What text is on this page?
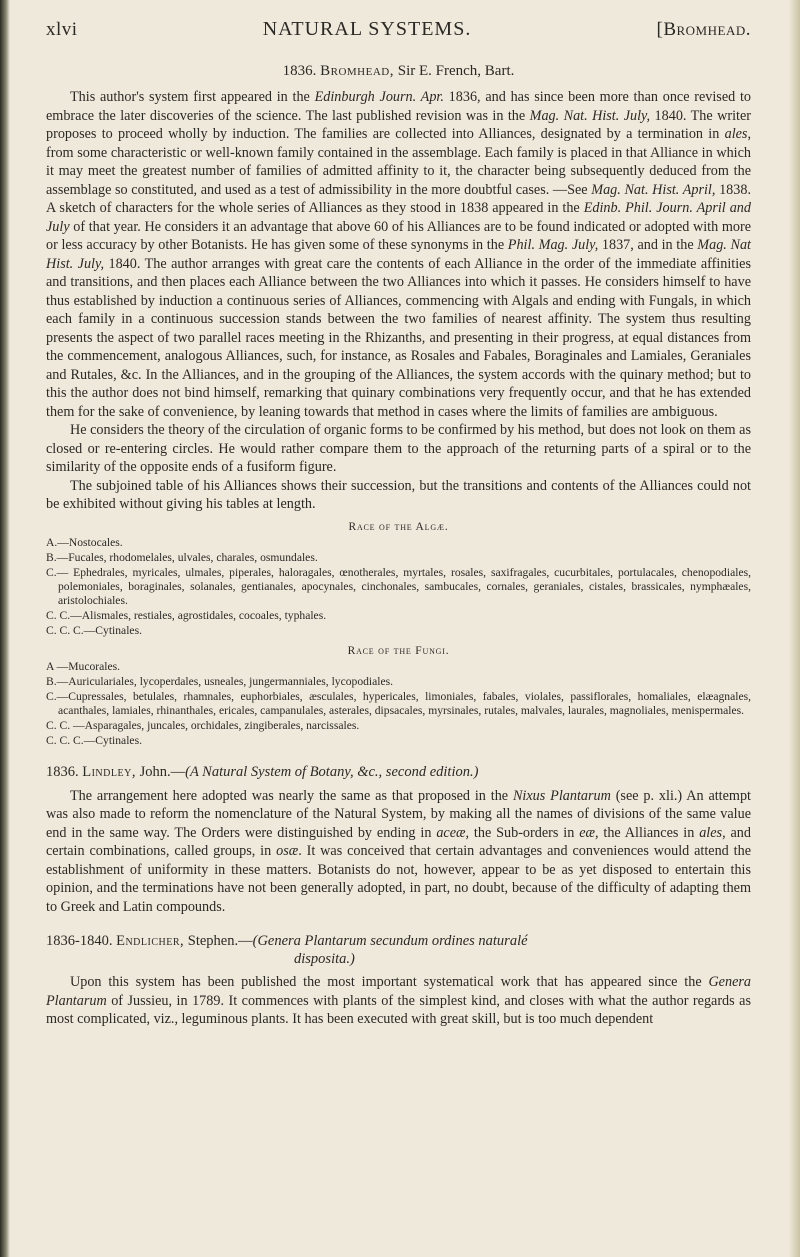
xlvi	NATURAL SYSTEMS.	[Bromhead.
1836. Bromhead, Sir E. French, Bart.

This author's system first appeared in the Edinburgh Journ. Apr. 1836, and has since been more than once revised to embrace the later discoveries of the science. The last published revision was in the Mag. Nat. Hist. July, 1840. The writer proposes to proceed wholly by induction. The families are collected into Alliances, designated by a termination in ales, from some characteristic or well-known family contained in the assemblage. Each family is placed in that Alliance in which it may meet the greatest number of families of admitted affinity to it, the character being subsequently deduced from the assemblage so constituted, and used as a test of admissibility in the more doubtful cases. —See Mag. Nat. Hist. April, 1838. A sketch of characters for the whole series of Alliances as they stood in 1838 appeared in the Edinb. Phil. Journ. April and July of that year. He considers it an advantage that above 60 of his Alliances are to be found indicated or adopted with more or less accuracy by other Botanists. He has given some of these synonyms in the Phil. Mag. July, 1837, and in the Mag. Nat Hist. July, 1840. The author arranges with great care the contents of each Alliance in the order of the immediate affinities and transitions, and then places each Alliance between the two Alliances into which it passes. He considers himself to have thus established by induction a continuous series of Alliances, commencing with Algals and ending with Fungals, in which each family in a continuous succession stands between the two families of nearest affinity. The system thus resulting presents the aspect of two parallel races meeting in the Rhizanths, and presenting in their progress, at equal distances from the commencement, analogous Alliances, such, for instance, as Rosales and Fabales, Boraginales and Lamiales, Geraniales and Rutales, &c. In the Alliances, and in the grouping of the Alliances, the system accords with the quinary method; but to this the author does not bind himself, remarking that quinary combinations very frequently occur, and that he has extended them for the sake of convenience, by leaning towards that method in cases where the limits of families are ambiguous.

He considers the theory of the circulation of organic forms to be confirmed by his method, but does not look on them as closed or re-entering circles. He would rather compare them to the approach of the returning parts of a spiral or to the similarity of the opposite ends of a fusiform figure.

The subjoined table of his Alliances shows their succession, but the transitions and contents of the Alliances could not be exhibited without giving his tables at length.

Race of the Algæ.
A.—Nostocales.
B.—Fucales, rhodomelales, ulvales, charales, osmundales.
C.— Ephedrales, myricales, ulmales, piperales, haloragales, œnotherales, myrtales, rosales, saxifragales, cucurbitales, portulacales, chenopodiales, polemoniales, boraginales, solanales, gentianales, apocynales, cinchonales, sambucales, cornales, geraniales, cistales, brassicales, nymphæales, aristolochiales.
C. C.—Alismales, restiales, agrostidales, cocoales, typhales.
C. C. C.—Cytinales.
Race of the Fungi.
A —Mucorales.
B.—Auriculariales, lycoperdales, usneales, jungermanniales, lycopodiales.
C.—Cupressales, betulales, rhamnales, euphorbiales, æsculales, hypericales, limoniales, fabales, violales, passiflorales, homaliales, elæagnales, acanthales, lamiales, rhinanthales, ericales, campanulales, asterales, dipsacales, myrsinales, rutales, malvales, laurales, magnoliales, menispermales.
C. C. —Asparagales, juncales, orchidales, zingiberales, narcissales.
C. C. C.—Cytinales.
1836. Lindley, John.—(A Natural System of Botany, &c., second edition.)

The arrangement here adopted was nearly the same as that proposed in the Nixus Plantarum (see p. xli.) An attempt was also made to reform the nomenclature of the Natural System, by making all the names of divisions of the same value end in the same way. The Orders were distinguished by ending in aceæ, the Sub-orders in eæ, the Alliances in ales, and certain combinations, called groups, in osæ. It was conceived that certain advantages and conveniences would attend the establishment of uniformity in these matters. Botanists do not, however, appear to be as yet disposed to entertain this opinion, and the terminations have not been generally adopted, in part, no doubt, because of the difficulty of adapting them to Greek and Latin compounds.

1836-1840. Endlicher, Stephen.—(Genera Plantarum secundum ordines naturalé
disposita.)

Upon this system has been published the most important systematical work that has appeared since the Genera Plantarum of Jussieu, in 1789. It commences with plants of the simplest kind, and closes with what the author regards as most complicated, viz., leguminous plants. It has been executed with great skill, but is too much dependent
